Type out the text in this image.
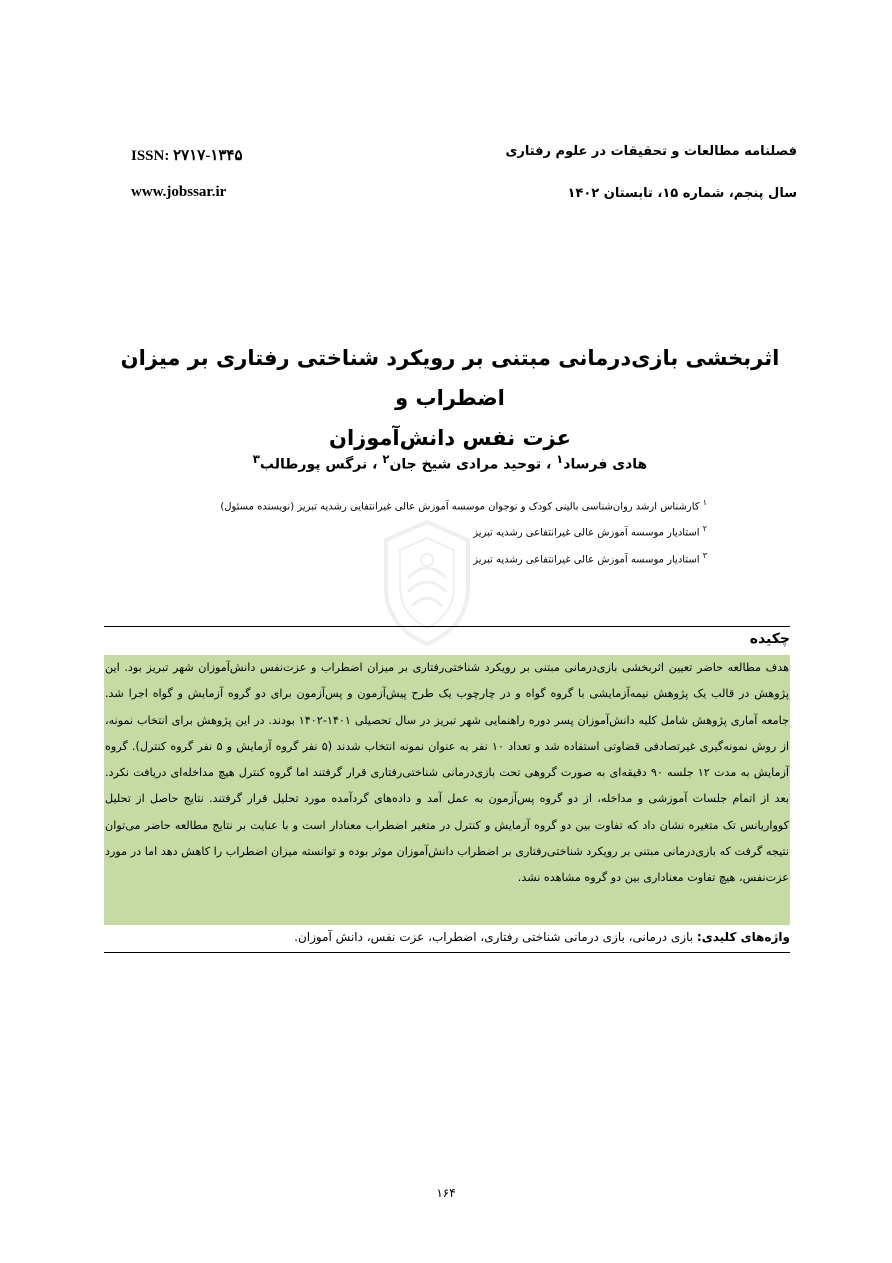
فصلنامه مطالعات و تحقیقات در علوم رفتاری
سال پنجم، شماره ۱۵، تابستان ۱۴۰۲
ISSN: ۲۷۱۷-۱۳۴۵
www.jobssar.ir
اثربخشی بازی‌درمانی مبتنی بر رویکرد شناختی رفتاری بر میزان اضطراب و
عزت نفس دانش‌آموزان
هادی فرساد$^۱$ ، توحید مرادی شیخ جان$^۲$ ، نرگس پورطالب$^۳$
$^۱$ کارشناس ارشد روان‌شناسی بالینی کودک و نوجوان موسسه آموزش عالی غیرانتفایی رشدیه تبریز (نویسنده مسئول)
$^۲$ استادیار موسسه آموزش عالی غیرانتفاعی رشدیه تبریز
$^۳$ استادیار موسسه آموزش عالی غیرانتفاعی رشدیه تبریز
چکیده
هدف مطالعه حاضر تعیین اثربخشی بازی‌درمانی مبتنی بر رویکرد شناختی‌رفتاری بر میزان اضطراب و عزت‌نفس دانش‌آموزان شهر تبریز بود. این پژوهش در قالب یک پژوهش نیمه‌آزمایشی با گروه گواه و در چارچوب یک طرح پیش‌آزمون و پس‌آزمون برای دو گروه آزمایش و گواه اجرا شد. جامعه آماری پژوهش شامل کلیه دانش‌آموزان پسر دوره راهنمایی شهر تبریز در سال تحصیلی ۱۴۰۱-۱۴۰۲ بودند. در این پژوهش برای انتخاب نمونه، از روش نمونه‌گیری غیرتصادفی قضاوتی استفاده شد و تعداد ۱۰ نفر به عنوان نمونه انتخاب شدند (۵ نفر گروه آزمایش و ۵ نفر گروه کنترل). گروه آزمایش به مدت ۱۲ جلسه ۹۰ دقیقه‌ای به صورت گروهی تحت بازی‌درمانی شناختی‌رفتاری قرار گرفتند اما گروه کنترل هیچ مداخله‌ای دریافت نکرد. بعد از اتمام جلسات آموزشی و مداخله، از دو گروه پس‌آزمون به عمل آمد و داده‌های گردآمده مورد تحلیل قرار گرفتند. نتایج حاصل از تحلیل کوواریانس تک متغیره نشان داد که تفاوت بین دو گروه آزمایش و کنترل در متغیر اضطراب معنادار است و با عنایت بر نتایج مطالعه حاضر می‌توان نتیجه گرفت که بازی‌درمانی مبتنی بر رویکرد شناختی‌رفتاری بر اضطراب دانش‌آموزان موثر بوده و توانسته میزان اضطراب را کاهش دهد اما در مورد عزت‌نفس، هیچ تفاوت معناداری بین دو گروه مشاهده نشد.
واژه‌های کلیدی: بازی درمانی، بازی درمانی شناختی رفتاری، اضطراب، عزت نفس، دانش آموزان.
۱۶۴
